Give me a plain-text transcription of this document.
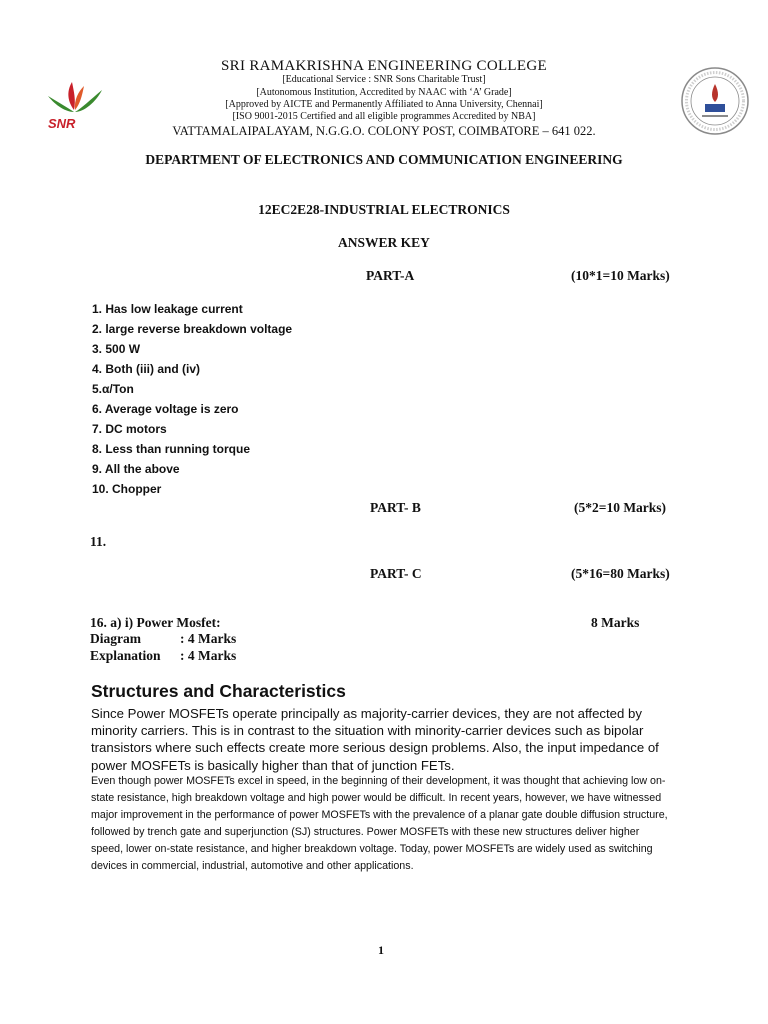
SNR
SRI RAMAKRISHNA ENGINEERING COLLEGE
[Educational Service : SNR Sons Charitable Trust]
[Autonomous Institution, Accredited by NAAC with ‘A’ Grade]
[Approved by AICTE and Permanently Affiliated to Anna University, Chennai]
[ISO 9001-2015 Certified and all eligible programmes Accredited by NBA]
VATTAMALAIPALAYAM, N.G.G.O. COLONY POST, COIMBATORE – 641 022.
DEPARTMENT OF ELECTRONICS AND COMMUNICATION ENGINEERING
12EC2E28-INDUSTRIAL ELECTRONICS
ANSWER KEY
PART-A	(10*1=10 Marks)
1. Has low leakage current
2. large reverse breakdown voltage
3. 500 W
4. Both (iii) and (iv)
5.α/Ton
6. Average voltage is zero
7. DC motors
8. Less than running torque
9. All the above
10. Chopper
PART- B	(5*2=10 Marks)
11.
PART- C	(5*16=80 Marks)
16. a) i) Power Mosfet:	8 Marks
Diagram	: 4 Marks
Explanation : 4 Marks
Structures and Characteristics

Since Power MOSFETs operate principally as majority-carrier devices, they are not affected by minority carriers. This is in contrast to the situation with minority-carrier devices such as bipolar transistors where such effects create more serious design problems. Also, the input impedance of power MOSFETs is basically higher than that of junction FETs.

Even though power MOSFETs excel in speed, in the beginning of their development, it was thought that achieving low on-state resistance, high breakdown voltage and high power would be difficult. In recent years, however, we have witnessed major improvement in the performance of power MOSFETs with the prevalence of a planar gate double diffusion structure, followed by trench gate and superjunction (SJ) structures. Power MOSFETs with these new structures deliver higher speed, lower on-state resistance, and higher breakdown voltage. Today, power MOSFETs are widely used as switching devices in commercial, industrial, automotive and other applications.

1
